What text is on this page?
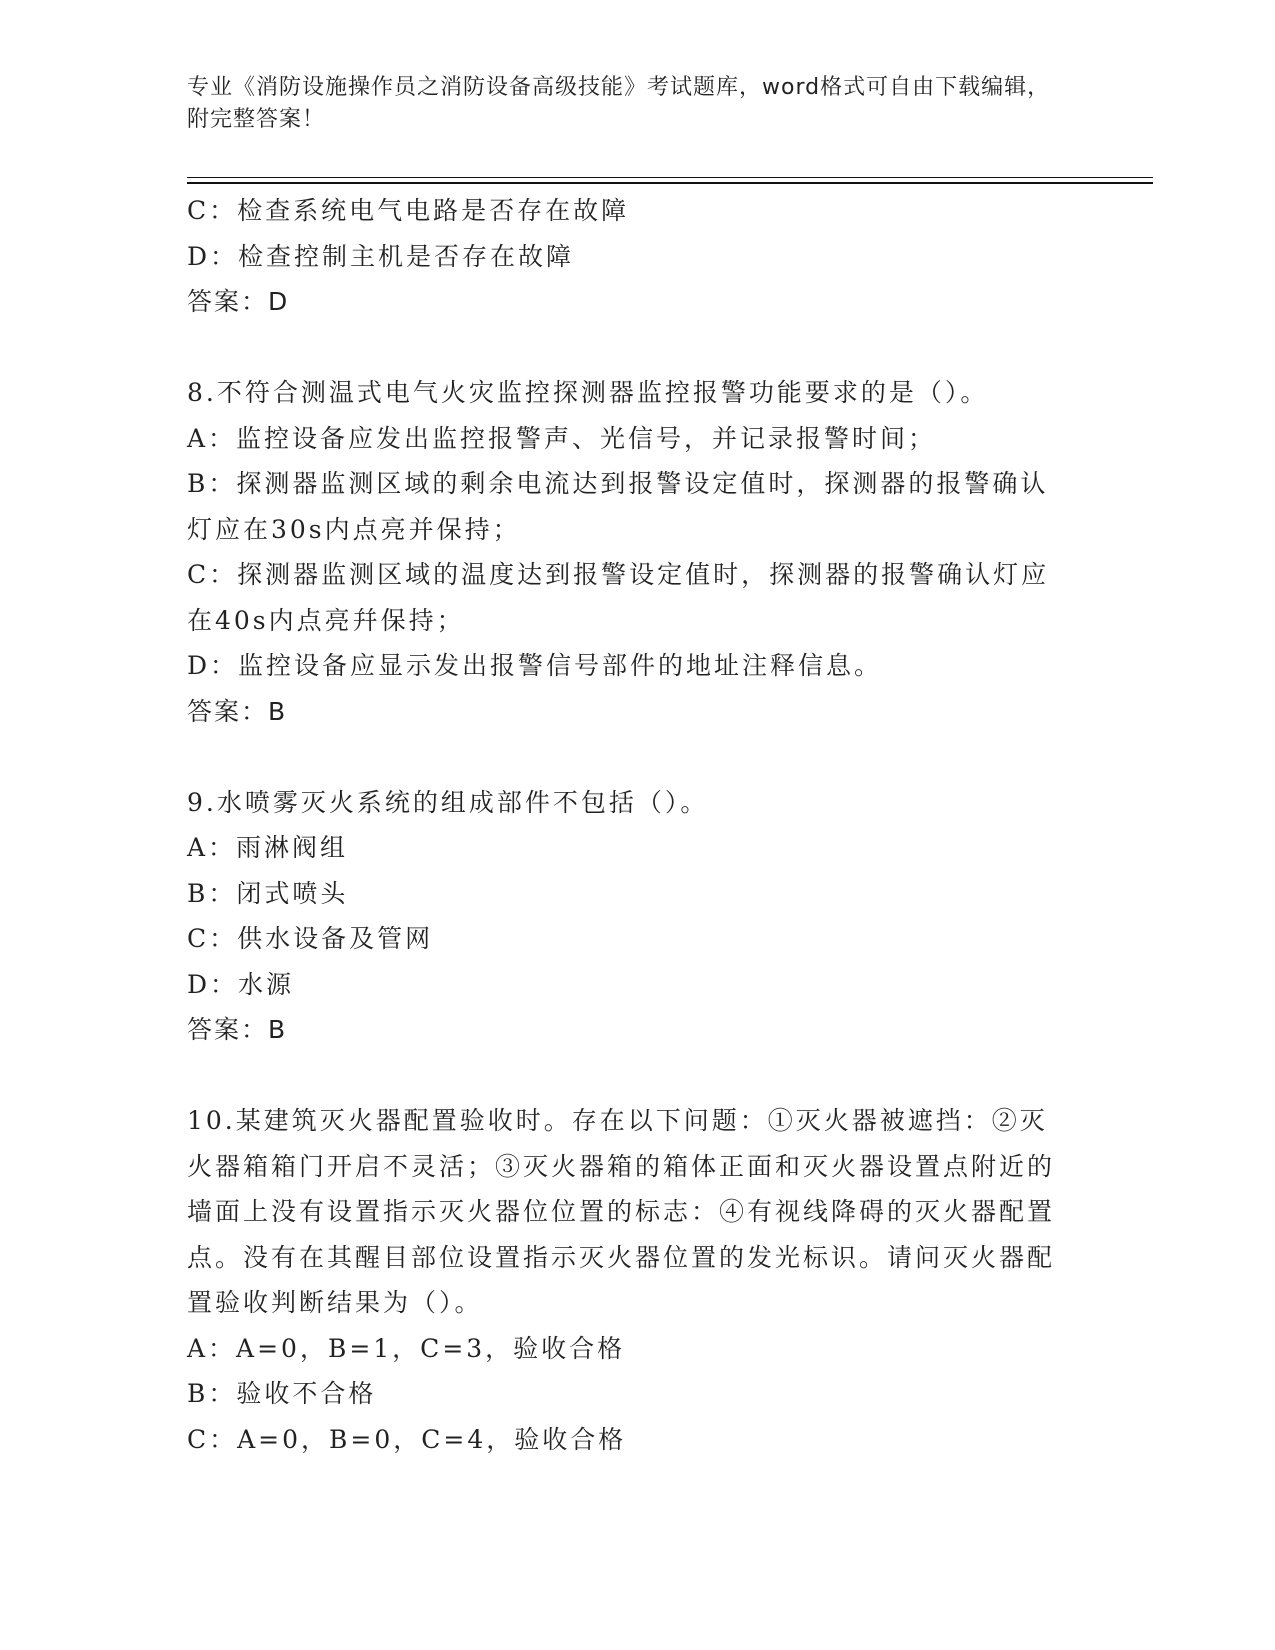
专业《消防设施操作员之消防设备高级技能》考试题库，word格式可自由下载编辑，附完整答案！

C：检查系统电气电路是否存在故障

D：检查控制主机是否存在故障

答案：D

8.不符合测温式电气火灾监控探测器监控报警功能要求的是（）。

A：监控设备应发出监控报警声、光信号，并记录报警时间；

B：探测器监测区域的剩余电流达到报警设定值时，探测器的报警确认灯应在30s内点亮并保持；

C：探测器监测区域的温度达到报警设定值时，探测器的报警确认灯应在40s内点亮幷保持；

D：监控设备应显示发出报警信号部件的地址注释信息。

答案：B

9.水喷雾灭火系统的组成部件不包括（）。

A：雨淋阀组

B：闭式喷头

C：供水设备及管网

D：水源

答案：B

10.某建筑灭火器配置验收时。存在以下问题：①灭火器被遮挡：②灭火器箱箱门开启不灵活；③灭火器箱的箱体正面和灭火器设置点附近的墙面上没有设置指示灭火器位位置的标志：④有视线降碍的灭火器配置点。没有在其醒目部位设置指示灭火器位置的发光标识。请问灭火器配置验收判断结果为（）。

A：A=0，B=1，C=3，验收合格

B：验收不合格

C：A=0，B=0，C=4，验收合格
